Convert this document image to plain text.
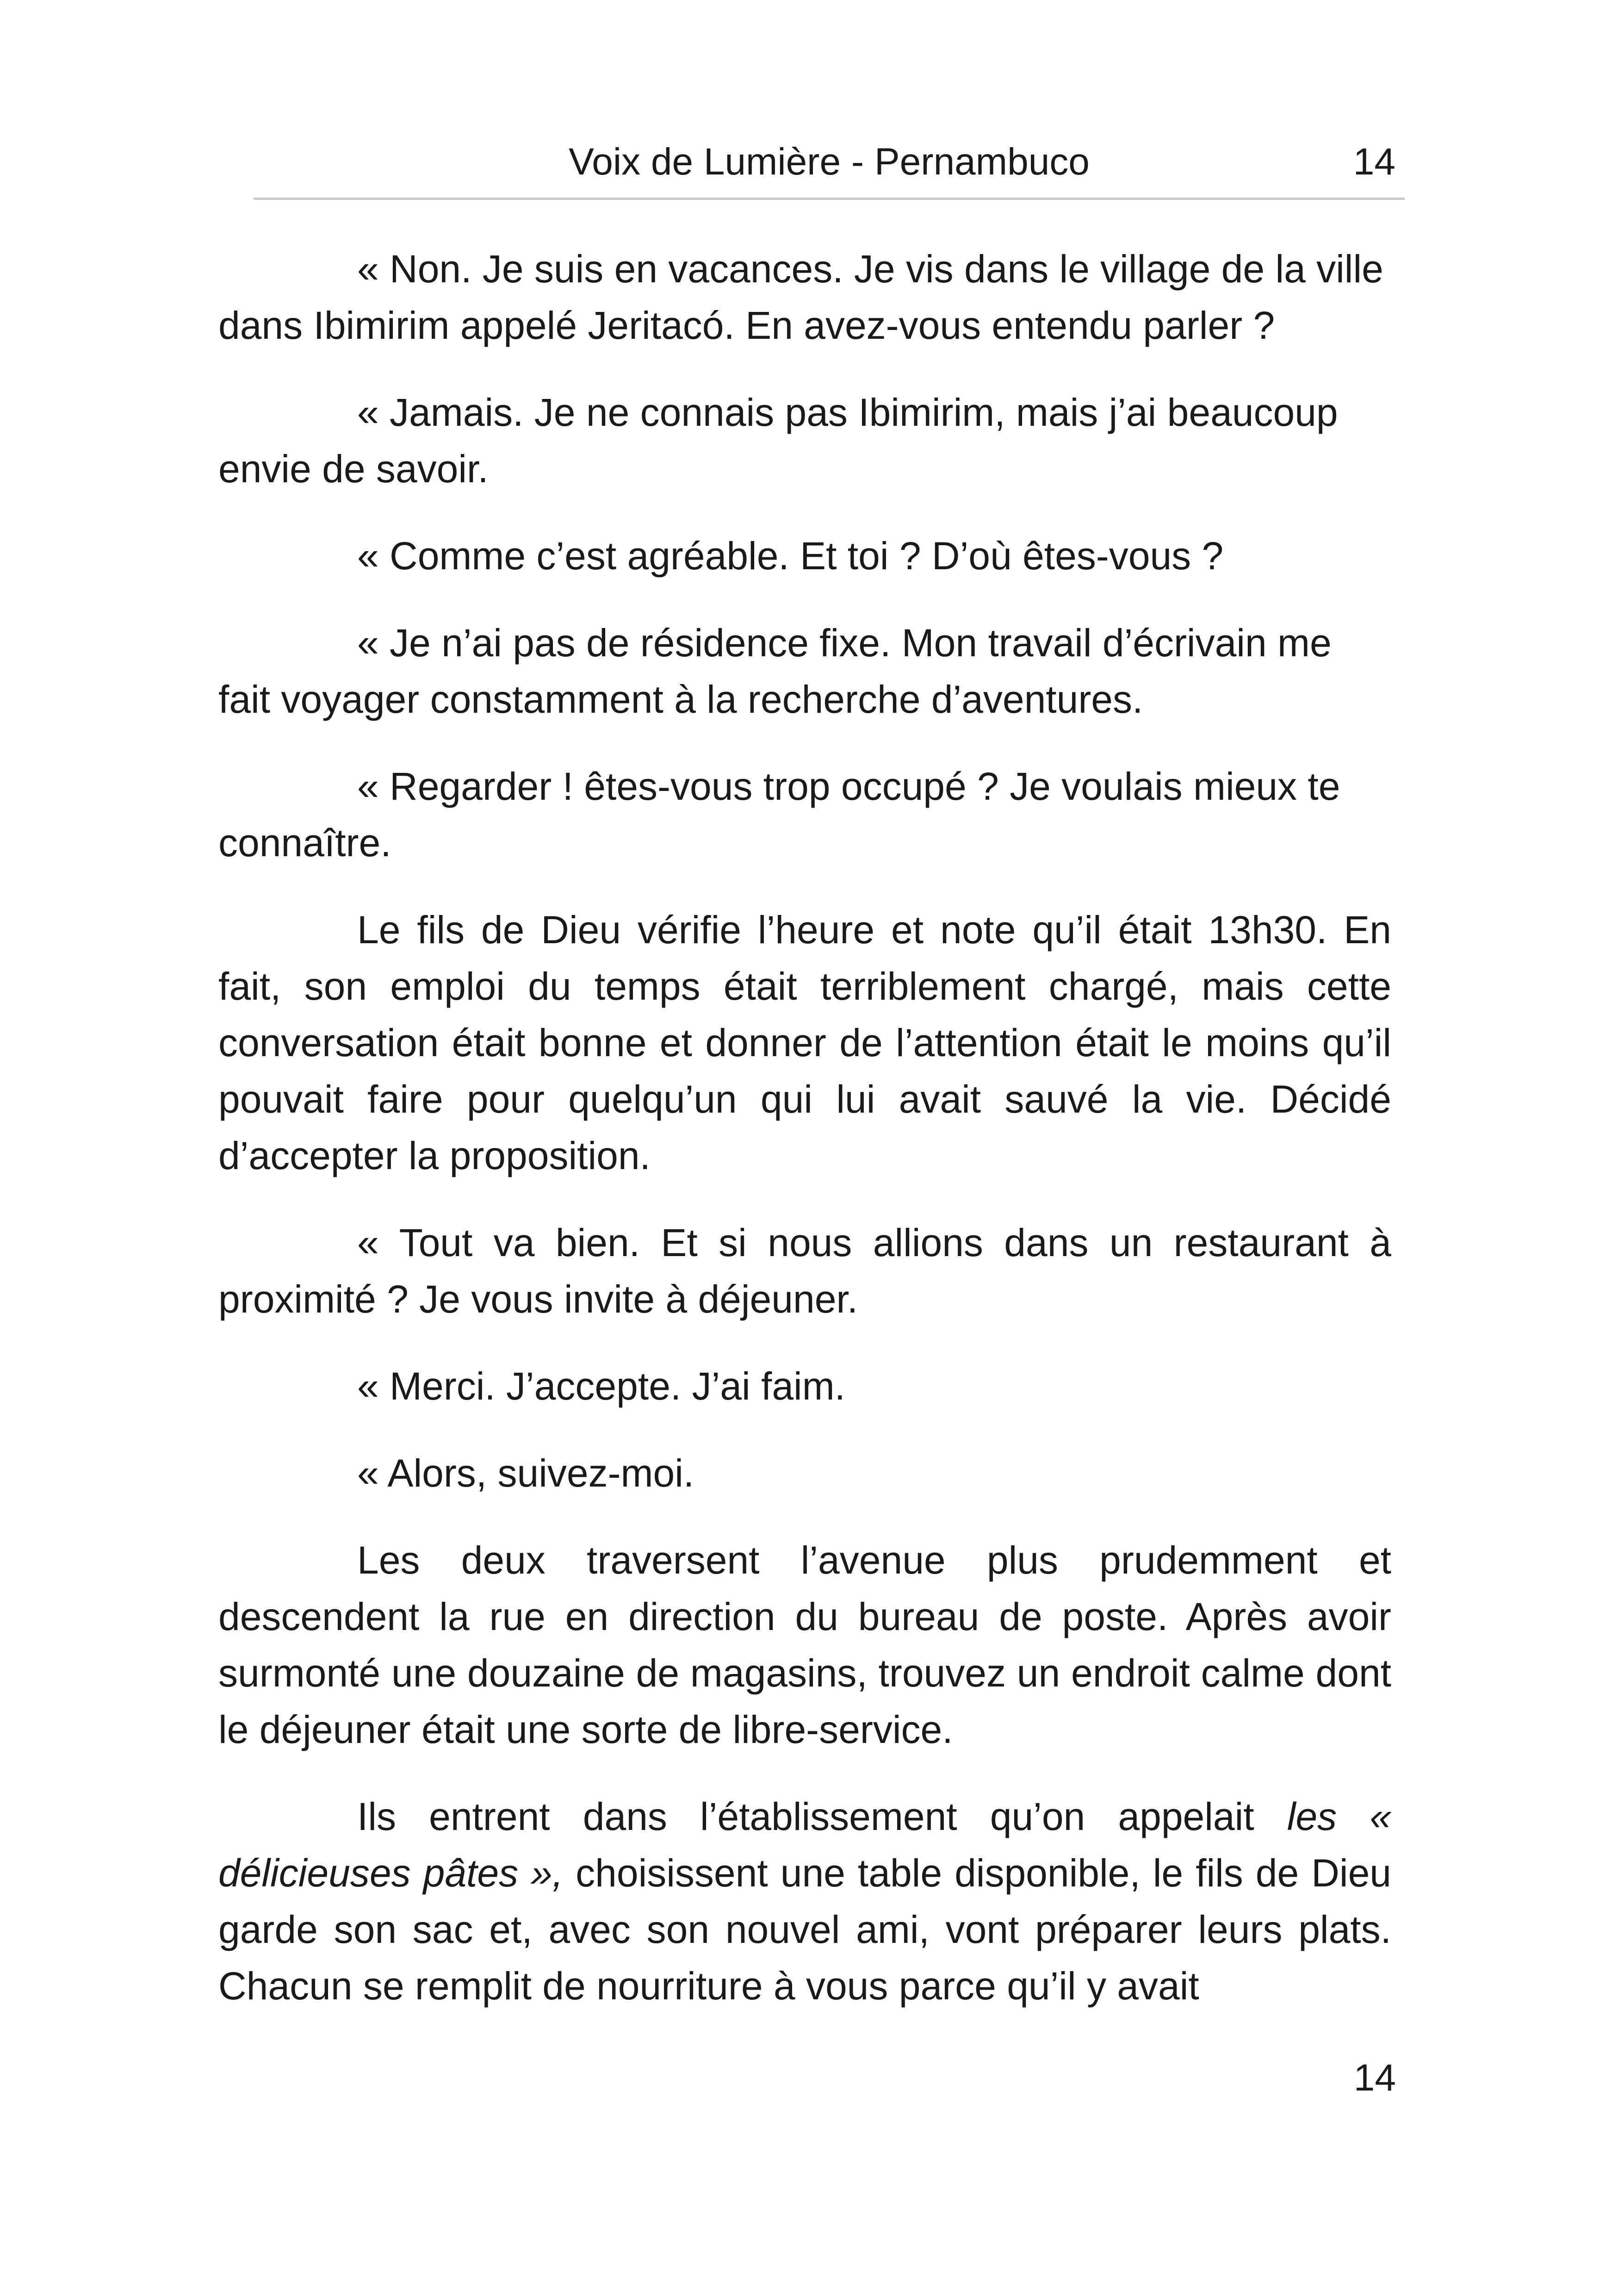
Voix de Lumière - Pernambuco	14

« Non. Je suis en vacances. Je vis dans le village de la ville dans Ibimirim appelé Jeritacó. En avez-vous entendu parler ?

« Jamais. Je ne connais pas Ibimirim, mais j’ai beaucoup envie de savoir.

« Comme c’est agréable. Et toi ? D’où êtes-vous ?

« Je n’ai pas de résidence fixe. Mon travail d’écrivain me fait voyager constamment à la recherche d’aventures.

« Regarder ! êtes-vous trop occupé ? Je voulais mieux te connaître.

Le fils de Dieu vérifie l’heure et note qu’il était 13h30. En fait, son emploi du temps était terriblement chargé, mais cette conversation était bonne et donner de l’attention était le moins qu’il pouvait faire pour quelqu’un qui lui avait sauvé la vie. Décidé d’accepter la proposition.

« Tout va bien. Et si nous allions dans un restaurant à proximité ? Je vous invite à déjeuner.

« Merci. J’accepte. J’ai faim.

« Alors, suivez-moi.

Les deux traversent l’avenue plus prudemment et descendent la rue en direction du bureau de poste. Après avoir surmonté une douzaine de magasins, trouvez un endroit calme dont le déjeuner était une sorte de libre-service.

Ils entrent dans l’établissement qu’on appelait les « délicieuses pâtes », choisissent une table disponible, le fils de Dieu garde son sac et, avec son nouvel ami, vont préparer leurs plats. Chacun se remplit de nourriture à vous parce qu’il y avait

14
